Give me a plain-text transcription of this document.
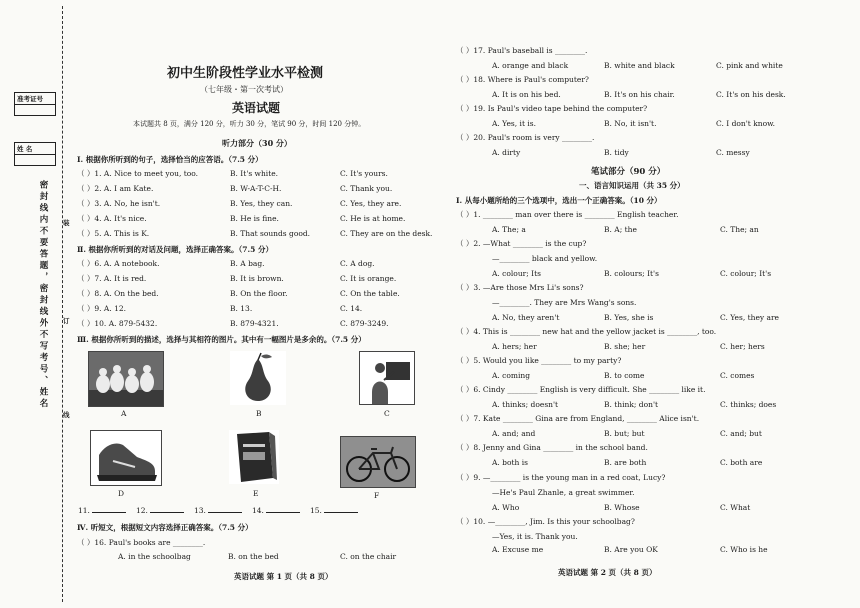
准考证号
姓 名
密封线内不要答题，密封线外不写考号、姓名 装
订
线
初中生阶段性学业水平检测
（七年级・第一次考试）
英语试题
本试题共 8 页，满分 120 分，听力 30 分，笔试 90 分，时间 120 分钟。
听力部分（30 分）
Ⅰ. 根据你所听到的句子，选择恰当的应答语。（7.5 分）
Ⅱ. 根据你所听到的对话及问题，选择正确答案。（7.5 分）
Ⅲ. 根据你所听到的描述，选择与其相符的图片。其中有一幅图片是多余的。（7.5 分）
A	B	C
D	E	F
Ⅳ. 听短文，根据短文内容选择正确答案。（7.5 分）
（ ）16. Paul's books are ________.
A. in the schoolbag	B. on the bed	C. on the chair
英语试题 第 1 页（共 8 页）
笔试部分（90 分）
一、语言知识运用（共 35 分）
Ⅰ. 从每小题所给的三个选项中，选出一个正确答案。（10 分）
英语试题 第 2 页（共 8 页）
（ ）1. A. Nice to meet you, too.	B. It's white.	C. It's yours.
（ ）2. A. I am Kate.	B. W-A-T-C-H.	C. Thank you.
（ ）3. A. No, he isn't.	B. Yes, they can.	C. Yes, they are.
（ ）4. A. It's nice.	B. He is fine.	C. He is at home.
（ ）5. A. This is K.	B. That sounds good.	C. They are on the desk.
（ ）6. A. A notebook.	B. A bag.	C. A dog.
（ ）7. A. It is red.	B. It is brown.	C. It is orange.
（ ）8. A. On the bed.	B. On the floor.	C. On the table.
（ ）9. A. 12.	B. 13.	C. 14.
（ ）10. A. 879-5432.	B. 879-4321.	C. 879-3249.
11.	12.	13.	14.	15.
（ ）17. Paul's baseball is ________.
A. orange and black	B. white and black	C. pink and white
（ ）18. Where is Paul's computer?
A. It is on his bed.	B. It's on his chair.	C. It's on his desk.
（ ）19. Is Paul's video tape behind the computer?
A. Yes, it is.	B. No, it isn't.	C. I don't know.
（ ）20. Paul's room is very ________.
A. dirty	B. tidy	C. messy
（ ）1. ________ man over there is ________ English teacher.
A. The; a	B. A; the	C. The; an
（ ）2. —What ________ is the cup?
—________ black and yellow.
A. colour; Its	B. colours; It's	C. colour; It's
（ ）3. —Are those Mrs Li's sons?
—________. They are Mrs Wang's sons.
A. No, they aren't	B. Yes, she is	C. Yes, they are
（ ）4. This is ________ new hat and the yellow jacket is ________, too.
A. hers; her	B. she; her	C. her; hers
（ ）5. Would you like ________ to my party?
A. coming	B. to come	C. comes
（ ）6. Cindy ________ English is very difficult. She ________ like it.
A. thinks; doesn't	B. think; don't	C. thinks; does
（ ）7. Kate ________ Gina are from England, ________ Alice isn't.
A. and; and	B. but; but	C. and; but
（ ）8. Jenny and Gina ________ in the school band.
A. both is	B. are both	C. both are
（ ）9. —________ is the young man in a red coat, Lucy?
—He's Paul Zhanle, a great swimmer.
A. Who	B. Whose	C. What
（ ）10. —________, Jim. Is this your schoolbag?
—Yes, it is. Thank you.
A. Excuse me	B. Are you OK	C. Who is he
